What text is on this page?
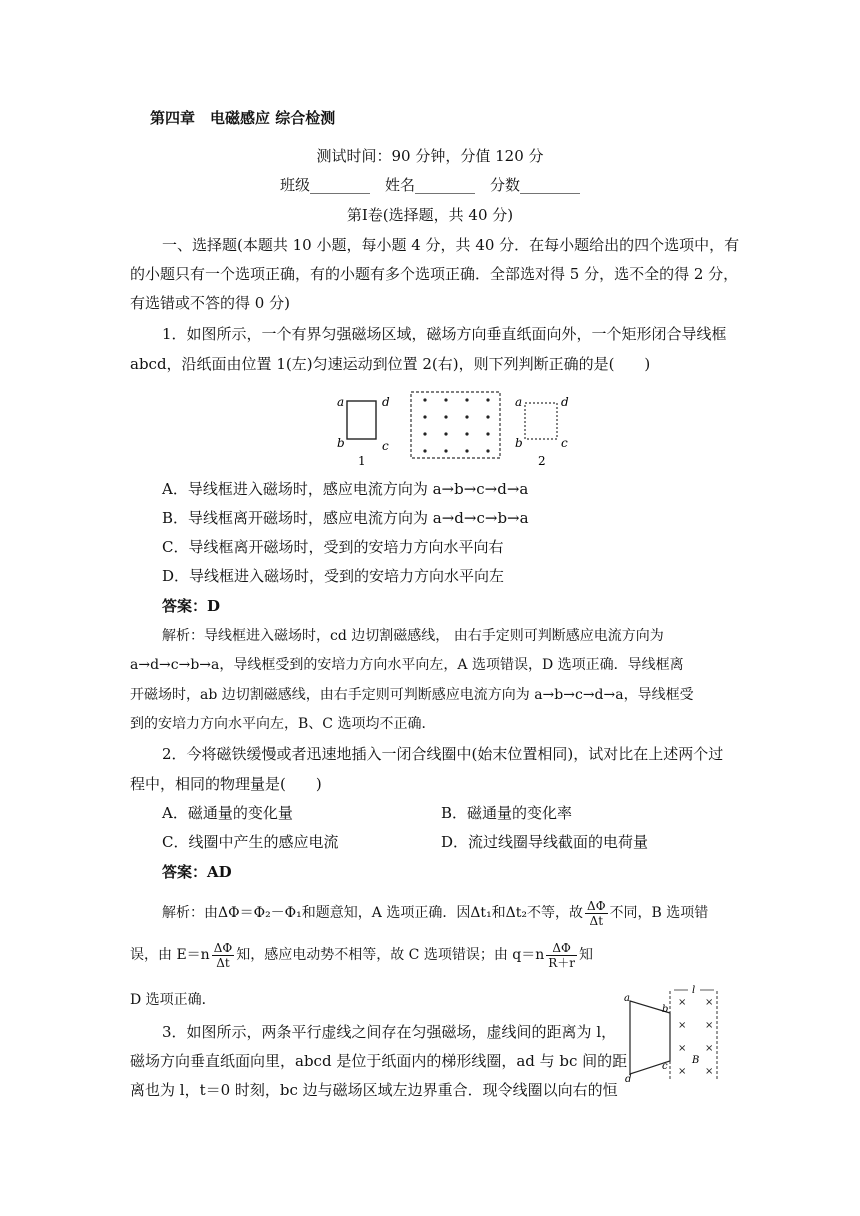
第四章　电磁感应 综合检测
测试时间：90 分钟，分值 120 分
班级________　姓名________　分数________
第Ⅰ卷(选择题，共 40 分)
一、选择题(本题共 10 小题，每小题 4 分，共 40 分．在每小题给出的四个选项中，有
的小题只有一个选项正确，有的小题有多个选项正确．全部选对得 5 分，选不全的得 2 分，
有选错或不答的得 0 分)
1．如图所示，一个有界匀强磁场区域，磁场方向垂直纸面向外，一个矩形闭合导线框
abcd，沿纸面由位置 1(左)匀速运动到位置 2(右)，则下列判断正确的是(　　)
a	d
b	c
1
a	d
b	c
2
A．导线框进入磁场时，感应电流方向为 a→b→c→d→a
B．导线框离开磁场时，感应电流方向为 a→d→c→b→a
C．导线框离开磁场时，受到的安培力方向水平向右
D．导线框进入磁场时，受到的安培力方向水平向左
答案：D
解析：导线框进入磁场时，cd 边切割磁感线， 由右手定则可判断感应电流方向为
a→d→c→b→a，导线框受到的安培力方向水平向左，A 选项错误，D 选项正确．导线框离
开磁场时，ab 边切割磁感线，由右手定则可判断感应电流方向为 a→b→c→d→a，导线框受
到的安培力方向水平向左，B、C 选项均不正确．
2．今将磁铁缓慢或者迅速地插入一闭合线圈中(始末位置相同)，试对比在上述两个过
程中，相同的物理量是(　　)
A．磁通量的变化量	B．磁通量的变化率
C．线圈中产生的感应电流	D．流过线圈导线截面的电荷量
答案：AD
解析：由ΔΦ＝Φ₂－Φ₁和题意知，A 选项正确．因Δt₁和Δt₂不等，故 $\frac{\Delta\Phi}{\Delta t}$ 不同，B 选项错
误，由 $E=n \frac{\Delta\Phi}{\Delta t}$ 知，感应电动势不相等，故 C 选项错误；由 $q=n \frac{\Delta\Phi}{R+r}$ 知
D 选项正确．
3．如图所示，两条平行虚线之间存在匀强磁场，虚线间的距离为 l，
磁场方向垂直纸面向里，abcd 是位于纸面内的梯形线圈，ad 与 bc 间的距
离也为 l，t＝0 时刻，bc 边与磁场区域左边界重合．现令线圈以向右的恒
l
a
b
c
d
× ×
× ×
× ×
× ×
B
